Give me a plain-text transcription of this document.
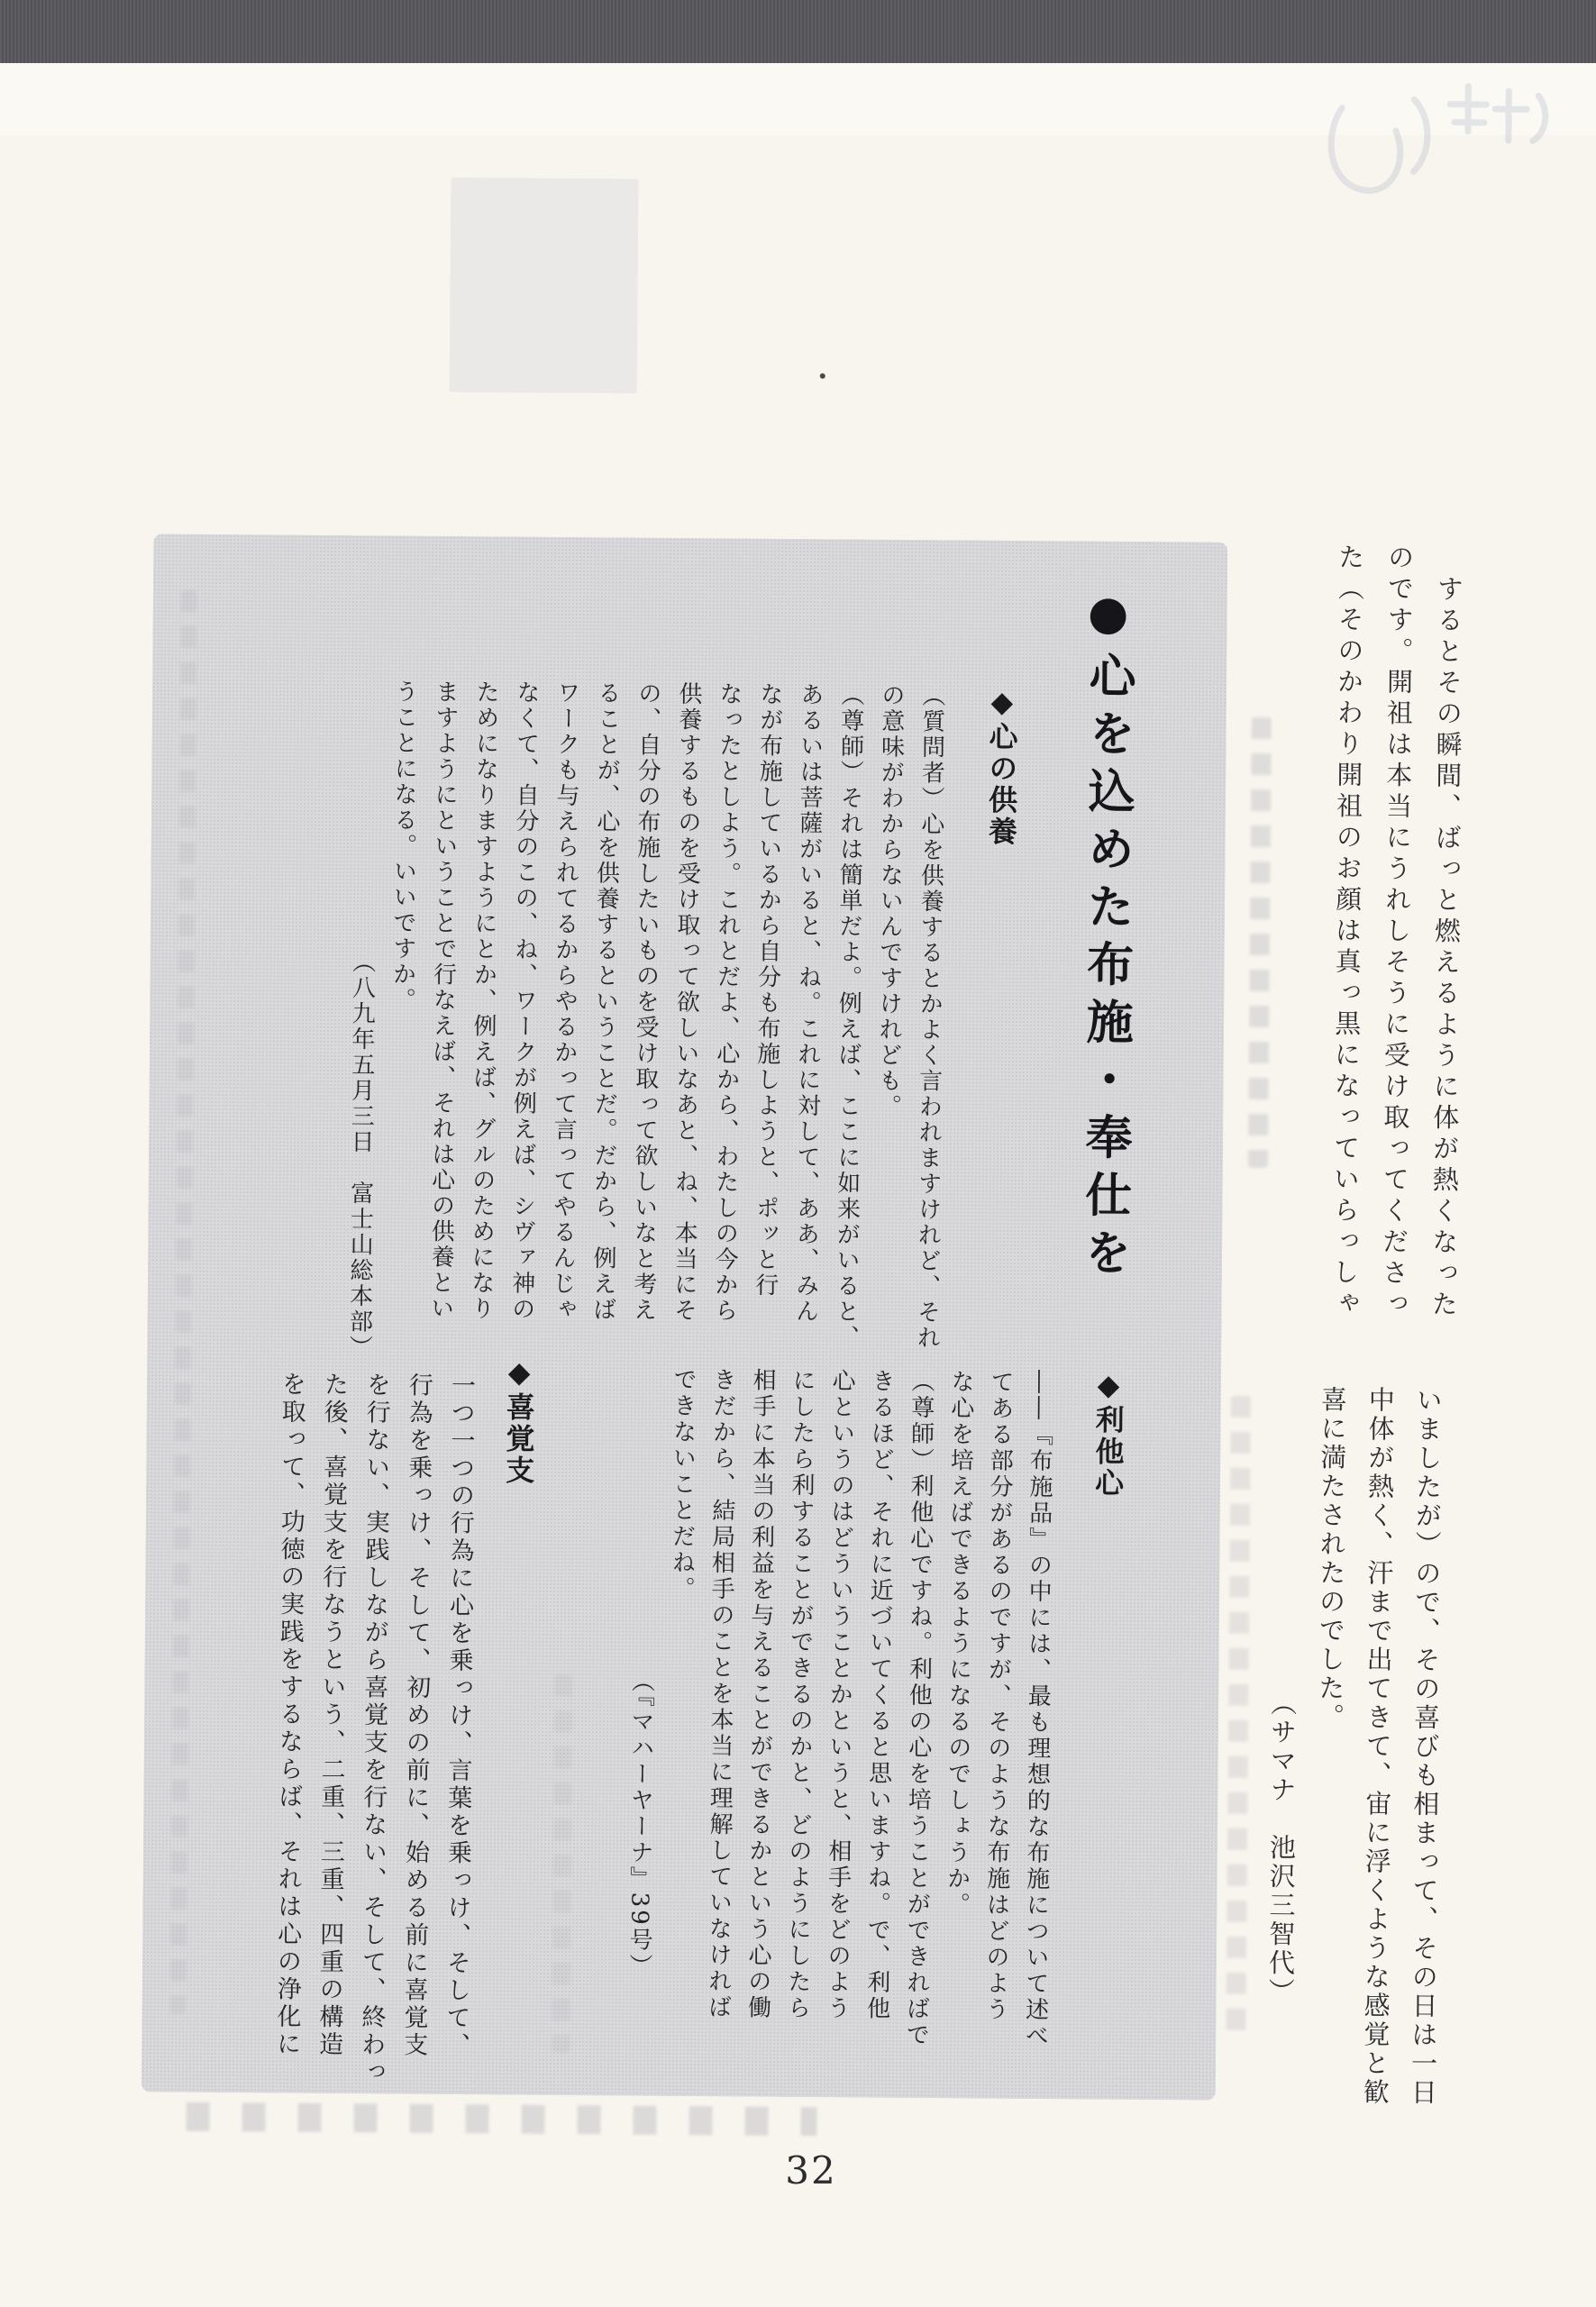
●心を込めた布施・奉仕を
◆心の供養
（質問者）心を供養するとかよく言われますけれど、それ
の意味がわからないんですけれども。
（尊師）それは簡単だよ。例えば、ここに如来がいると、
あるいは菩薩がいると、ね。これに対して、ああ、みん
なが布施しているから自分も布施しようと、ポッと行
なったとしよう。これとだよ、心から、わたしの今から
供養するものを受け取って欲しいなあと、ね、本当にそ
の、自分の布施したいものを受け取って欲しいなと考え
ることが、心を供養するということだ。だから、例えば
ワークも与えられてるからやるかって言ってやるんじゃ
なくて、自分のこの、ね、ワークが例えば、シヴァ神の
ためになりますようにとか、例えば、グルのためになり
ますようにということで行なえば、それは心の供養とい
うことになる。いいですか。
　　　　　　　　　　　（八九年五月三日　富士山総本部）
◆利他心
――『布施品』の中には、最も理想的な布施について述べ
てある部分があるのですが、そのような布施はどのよう
な心を培えばできるようになるのでしょうか。
（尊師）利他心ですね。利他の心を培うことができればで
きるほど、それに近づいてくると思いますね。で、利他
心というのはどういうことかというと、相手をどのよう
にしたら利することができるのかと、どのようにしたら
相手に本当の利益を与えることができるかという心の働
きだから、結局相手のことを本当に理解していなければ
できないことだね。
　　　　　　　　　　　　（『マハーヤーナ』39号）
◆喜覚支
一つ一つの行為に心を乗っけ、言葉を乗っけ、そして、
行為を乗っけ、そして、初めの前に、始める前に喜覚支
を行ない、実践しながら喜覚支を行ない、そして、終わっ
た後、喜覚支を行なうという、二重、三重、四重の構造
を取って、功徳の実践をするならば、それは心の浄化に
　するとその瞬間、ばっと燃えるように体が熱くなった
のです。開祖は本当にうれしそうに受け取ってくださっ
た（そのかわり開祖のお顔は真っ黒になっていらっしゃ
いましたが）ので、その喜びも相まって、その日は一日
中体が熱く、汗まで出てきて、宙に浮くような感覚と歓
喜に満たされたのでした。
　　　　　　　　　　　（サマナ　池沢三智代）
32
